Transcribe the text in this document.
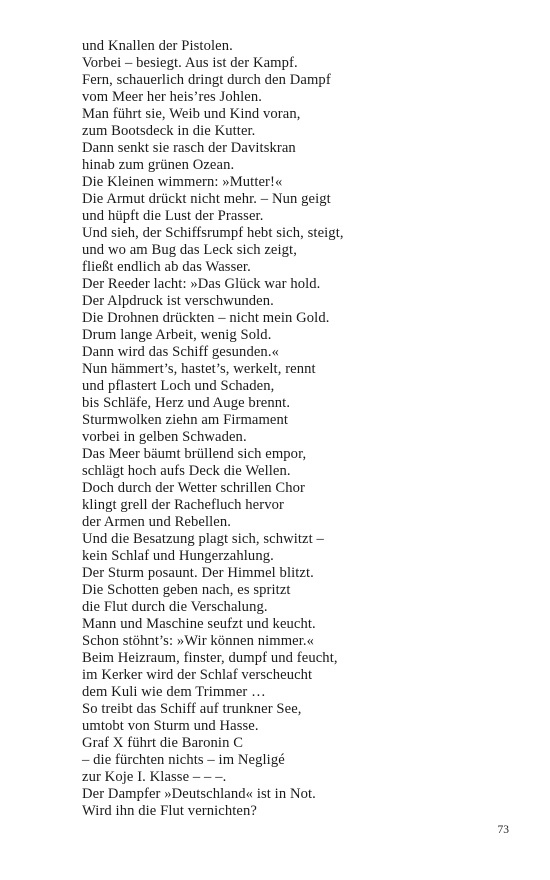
und Knallen der Pistolen.
Vorbei – besiegt. Aus ist der Kampf.
Fern, schauerlich dringt durch den Dampf
vom Meer her heis’res Johlen.
Man führt sie, Weib und Kind voran,
zum Bootsdeck in die Kutter.
Dann senkt sie rasch der Davitskran
hinab zum grünen Ozean.
Die Kleinen wimmern: »Mutter!«
Die Armut drückt nicht mehr. – Nun geigt
und hüpft die Lust der Prasser.
Und sieh, der Schiffsrumpf hebt sich, steigt,
und wo am Bug das Leck sich zeigt,
fließt endlich ab das Wasser.
Der Reeder lacht: »Das Glück war hold.
Der Alpdruck ist verschwunden.
Die Drohnen drückten – nicht mein Gold.
Drum lange Arbeit, wenig Sold.
Dann wird das Schiff gesunden.«
Nun hämmert’s, hastet’s, werkelt, rennt
und pflastert Loch und Schaden,
bis Schläfe, Herz und Auge brennt.
Sturmwolken ziehn am Firmament
vorbei in gelben Schwaden.
Das Meer bäumt brüllend sich empor,
schlägt hoch aufs Deck die Wellen.
Doch durch der Wetter schrillen Chor
klingt grell der Rachefluch hervor
der Armen und Rebellen.
Und die Besatzung plagt sich, schwitzt –
kein Schlaf und Hungerzahlung.
Der Sturm posaunt. Der Himmel blitzt.
Die Schotten geben nach, es spritzt
die Flut durch die Verschalung.
Mann und Maschine seufzt und keucht.
Schon stöhnt’s: »Wir können nimmer.«
Beim Heizraum, finster, dumpf und feucht,
im Kerker wird der Schlaf verscheucht
dem Kuli wie dem Trimmer …
So treibt das Schiff auf trunkner See,
umtobt von Sturm und Hasse.
Graf X führt die Baronin C
– die fürchten nichts – im Negligé
zur Koje I. Klasse – – –.
Der Dampfer »Deutschland« ist in Not.
Wird ihn die Flut vernichten?
73
